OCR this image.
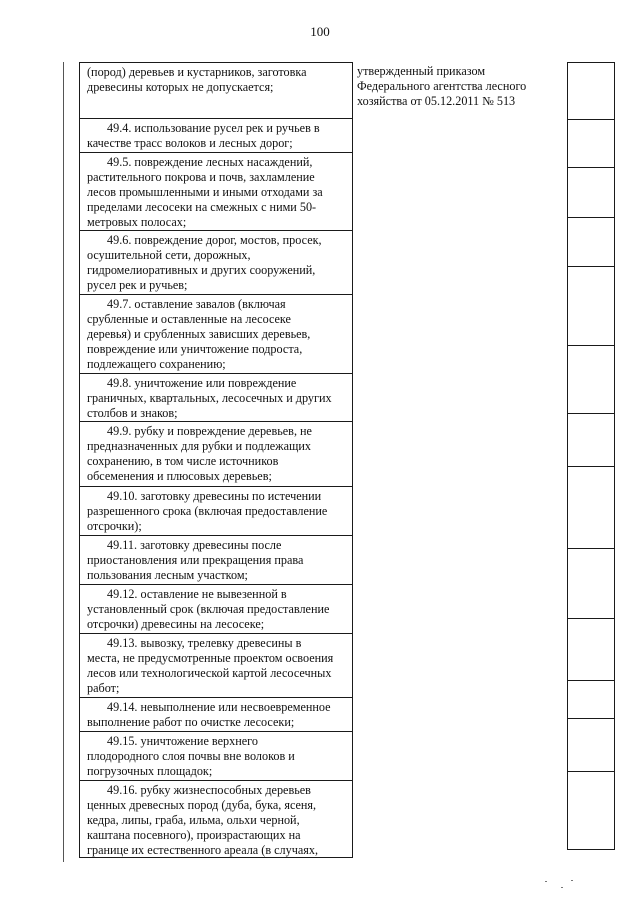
100
(пород) деревьев и кустарников, заготовка
древесины которых не допускается;
49.4. использование русел рек и ручьев в
качестве трасс волоков и лесных дорог;
49.5. повреждение лесных насаждений,
растительного покрова и почв, захламление
лесов промышленными и иными отходами за
пределами лесосеки на смежных с ними 50-
метровых полосах;
49.6. повреждение дорог, мостов, просек,
осушительной сети, дорожных,
гидромелиоративных и других сооружений,
русел рек и ручьев;
49.7. оставление завалов (включая
срубленные и оставленные на лесосеке
деревья) и срубленных зависших деревьев,
повреждение или уничтожение подроста,
подлежащего сохранению;
49.8. уничтожение или повреждение
граничных, квартальных, лесосечных и других
столбов и знаков;
49.9. рубку и повреждение деревьев, не
предназначенных для рубки и подлежащих
сохранению, в том числе источников
обсеменения и плюсовых деревьев;
49.10. заготовку древесины по истечении
разрешенного срока (включая предоставление
отсрочки);
49.11. заготовку древесины после
приостановления или прекращения права
пользования лесным участком;
49.12. оставление не вывезенной в
установленный срок (включая предоставление
отсрочки) древесины на лесосеке;
49.13. вывозку, трелевку древесины в
места, не предусмотренные проектом освоения
лесов или технологической картой лесосечных
работ;
49.14. невыполнение или несвоевременное
выполнение работ по очистке лесосеки;
49.15. уничтожение верхнего
плодородного слоя почвы вне волоков и
погрузочных площадок;
49.16. рубку жизнеспособных деревьев
ценных древесных пород (дуба, бука, ясеня,
кедра, липы, граба, ильма, ольхи черной,
каштана посевного), произрастающих на
границе их естественного ареала (в случаях,
утвержденный приказом
Федерального агентства лесного
хозяйства от 05.12.2011 № 513
